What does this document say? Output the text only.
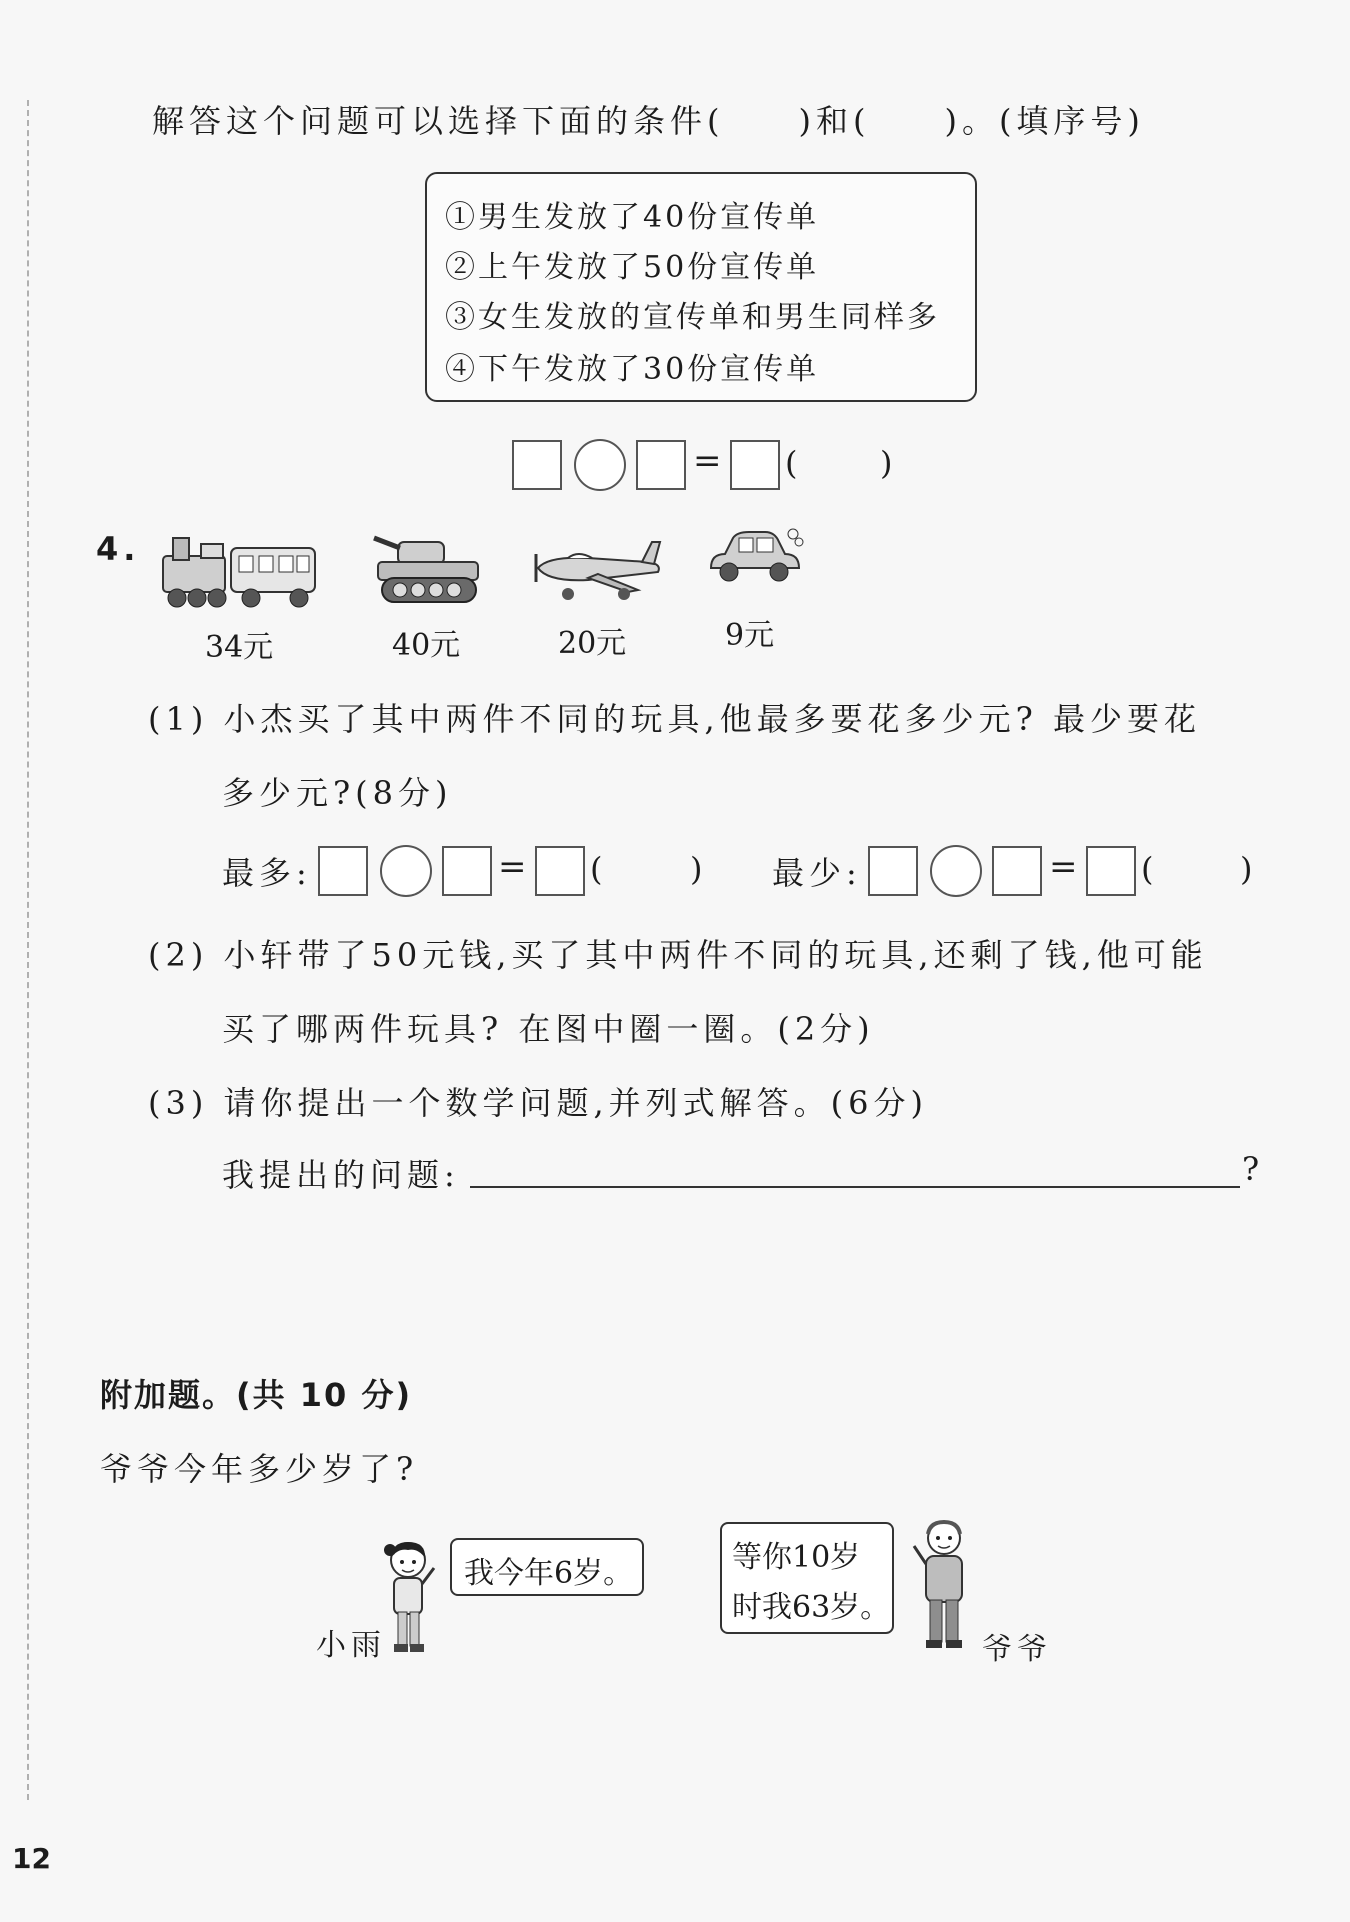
解答这个问题可以选择下面的条件(　　)和(　　)。(填序号)
①男生发放了40份宣传单
②上午发放了50份宣传单
③女生发放的宣传单和男生同样多
④下午发放了30份宣传单
= (	)
4.
34元	40元	20元	9元
(1) 小杰买了其中两件不同的玩具,他最多要花多少元? 最少要花
多少元?(8分)
最多:	= (	) 最少:	= (	)
(2) 小轩带了50元钱,买了其中两件不同的玩具,还剩了钱,他可能
买了哪两件玩具? 在图中圈一圈。(2分)
(3) 请你提出一个数学问题,并列式解答。(6分)
我提出的问题:	?
附加题。(共 10 分)
爷爷今年多少岁了?
我今年6岁。
小雨
等你10岁
时我63岁。
爷爷
12
